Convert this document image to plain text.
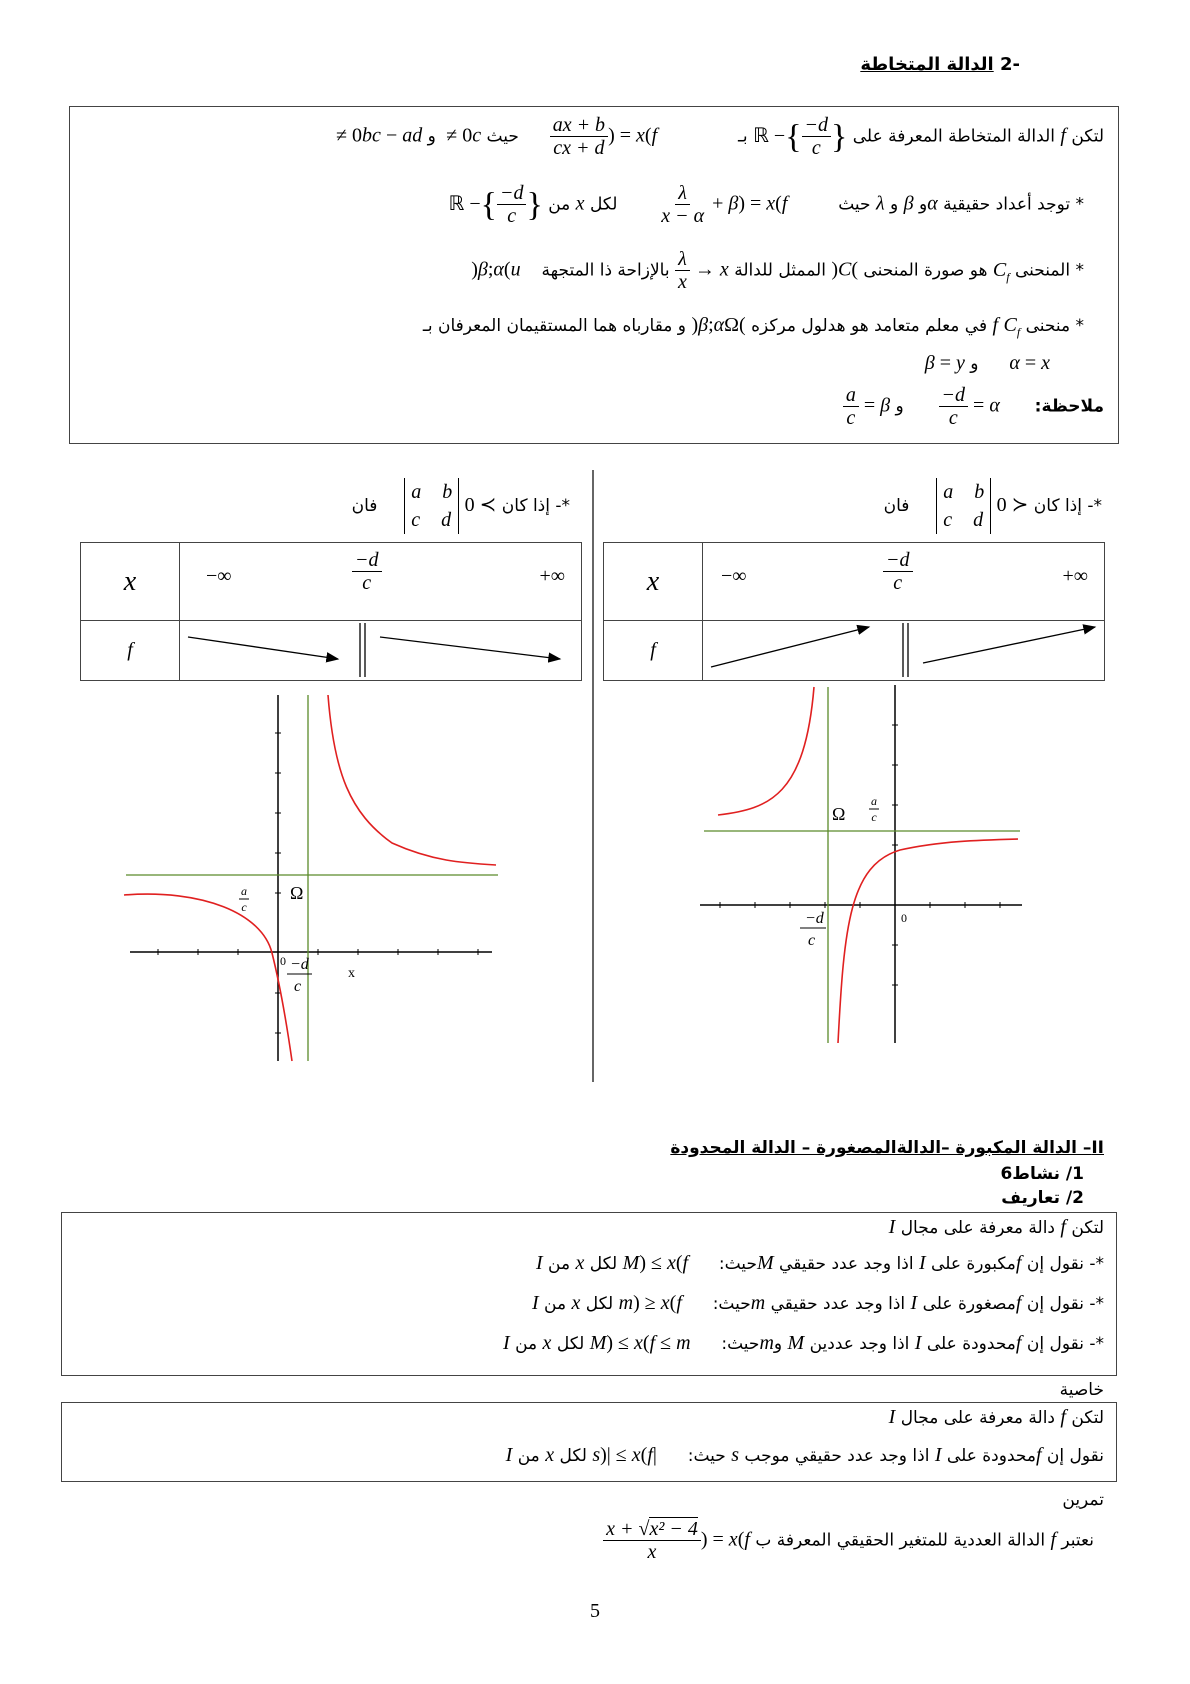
-2 الدالة المتخاطة
لتكن f الدالة المتخاطة المعرفة على ℝ −{ $\frac{-d}{c}$ } بـ  f(x) =
$\frac{ax + b}{cx + d}$
حيث c ≠ 0 و ad − bc ≠ 0
* توجد أعداد حقيقية αو β و λ حيث  f(x) = β +
$\frac{\lambda}{x - \alpha}$
لكل x من ℝ −{ $\frac{-d}{c}$ }
* المنحنى $C_f$ هو صورة المنحنى (C) الممثل للدالة x →
$\frac{\lambda}{x}$
بالإزاحة ذا المتجهة u⃗(α;β)
* منحنى $C_f$ f في معلم متعامد هو هدلول مركزه Ω(α;β) و مقارباه هما المستقيمان المعرفان بـ
x = α  و y = β
ملاحظة:  α =
$\frac{-d}{c}$
و β =
$\frac{a}{c}$
*- إذا كان 0 ≻ a b
c d  فان
x	−∞ $\frac{-d}{c}$ +∞

f	
*- إذا كان 0 ≺ a b
c d  فان
x	−∞ $\frac{-d}{c}$ +∞

f	
Ω
a
c
0
−d
c
Ω
a
c
0 −d
c
x
II– الدالة المكبورة –الدالةالمصغورة – الدالة المحدودة
1/ نشاط6
2/ تعاريف
لتكن f دالة معرفة على مجال I
*- نقول إن fمكبورة على I اذا وجد عدد حقيقي Mحيث:  f(x) ≤ M لكل x من I
*- نقول إن fمصغورة على I اذا وجد عدد حقيقي mحيث:  f(x) ≥ m لكل x من I
*- نقول إن fمحدودة على I اذا وجد عددين M وmحيث:  m ≤ f(x) ≤ M لكل x من I
خاصية
لتكن f دالة معرفة على مجال I
نقول إن fمحدودة على I اذا وجد عدد حقيقي موجب s حيث:  |f(x)| ≤ s لكل x من I
تمرين
نعتبر f الدالة العددية للمتغير الحقيقي المعرفة ب f(x) =
$\frac{\text{x + √x² − 4}}{x}$
5
